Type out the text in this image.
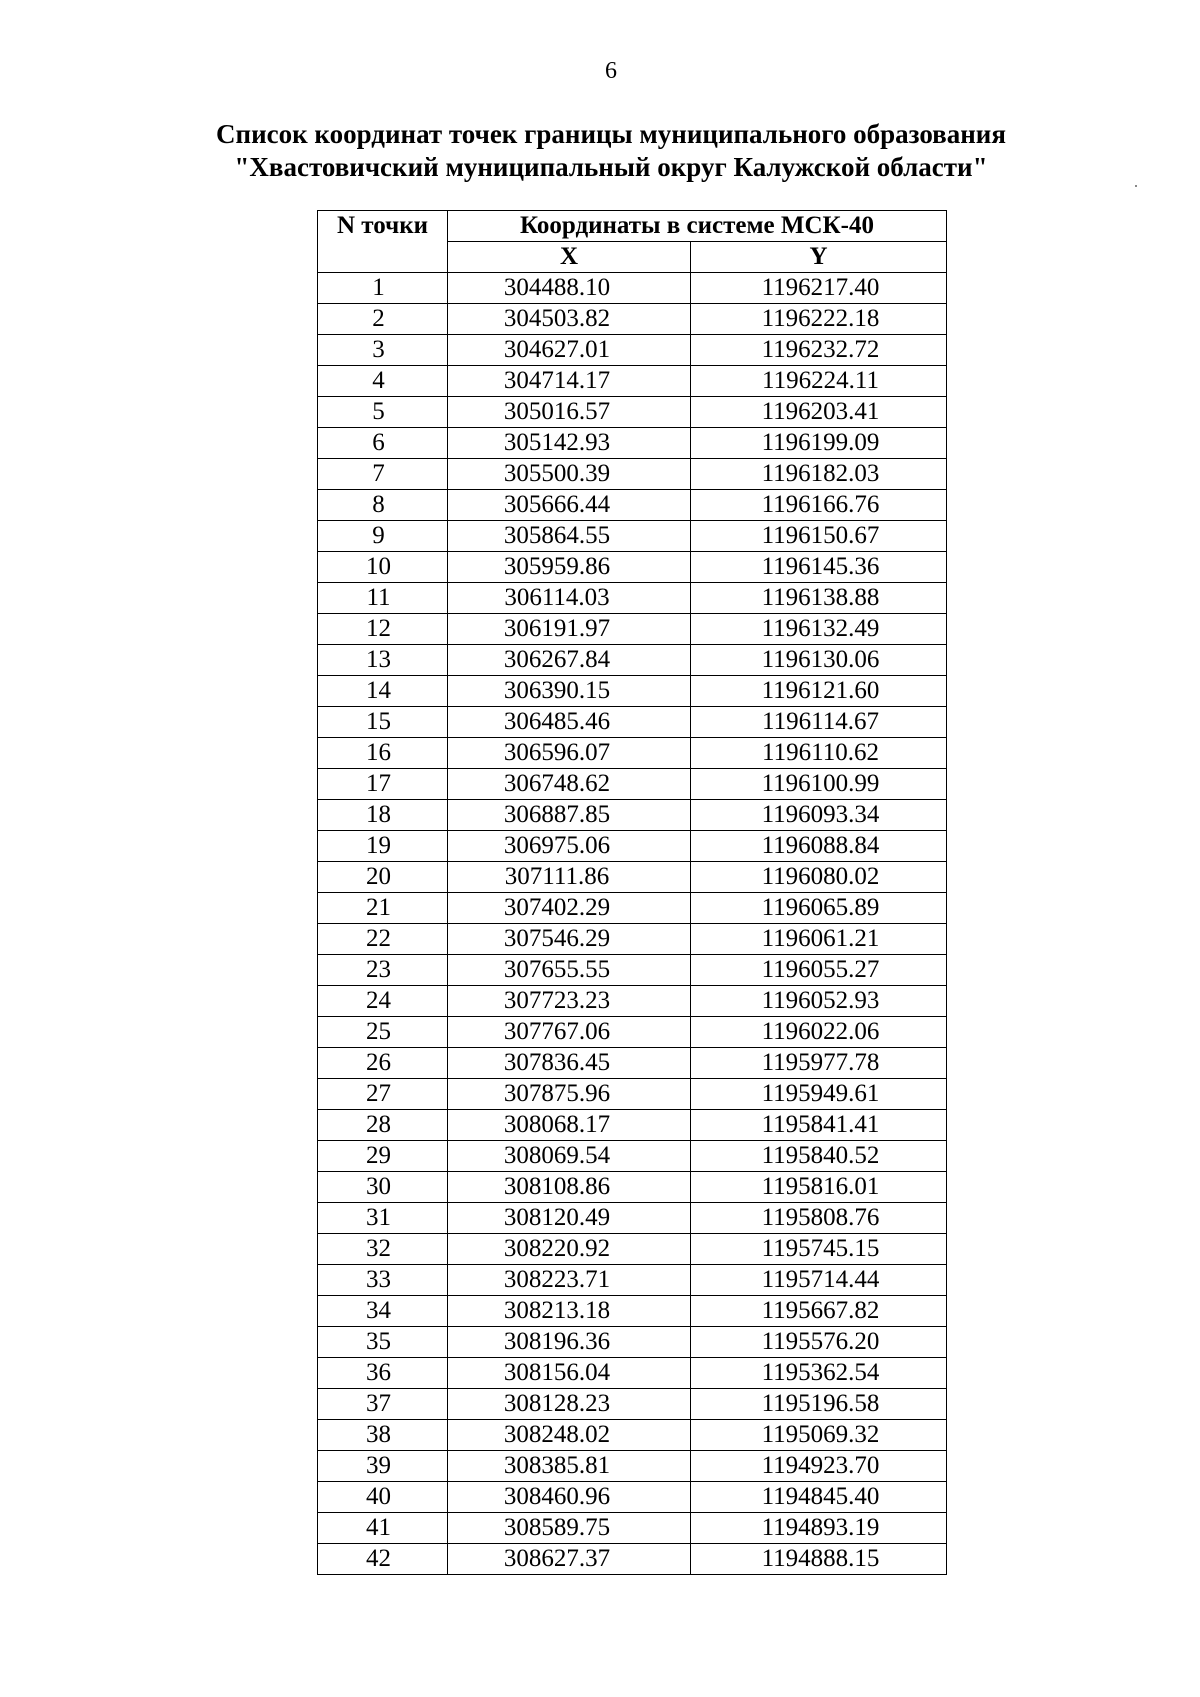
6
Список координат точек границы муниципального образования
"Хвастовичский муниципальный округ Калужской области"
N точки	Координаты в системе МСК-40	
	X	Y
1	304488.10	1196217.40
2	304503.82	1196222.18
3	304627.01	1196232.72
4	304714.17	1196224.11
5	305016.57	1196203.41
6	305142.93	1196199.09
7	305500.39	1196182.03
8	305666.44	1196166.76
9	305864.55	1196150.67
10	305959.86	1196145.36
11	306114.03	1196138.88
12	306191.97	1196132.49
13	306267.84	1196130.06
14	306390.15	1196121.60
15	306485.46	1196114.67
16	306596.07	1196110.62
17	306748.62	1196100.99
18	306887.85	1196093.34
19	306975.06	1196088.84
20	307111.86	1196080.02
21	307402.29	1196065.89
22	307546.29	1196061.21
23	307655.55	1196055.27
24	307723.23	1196052.93
25	307767.06	1196022.06
26	307836.45	1195977.78
27	307875.96	1195949.61
28	308068.17	1195841.41
29	308069.54	1195840.52
30	308108.86	1195816.01
31	308120.49	1195808.76
32	308220.92	1195745.15
33	308223.71	1195714.44
34	308213.18	1195667.82
35	308196.36	1195576.20
36	308156.04	1195362.54
37	308128.23	1195196.58
38	308248.02	1195069.32
39	308385.81	1194923.70
40	308460.96	1194845.40
41	308589.75	1194893.19
42	308627.37	1194888.15
